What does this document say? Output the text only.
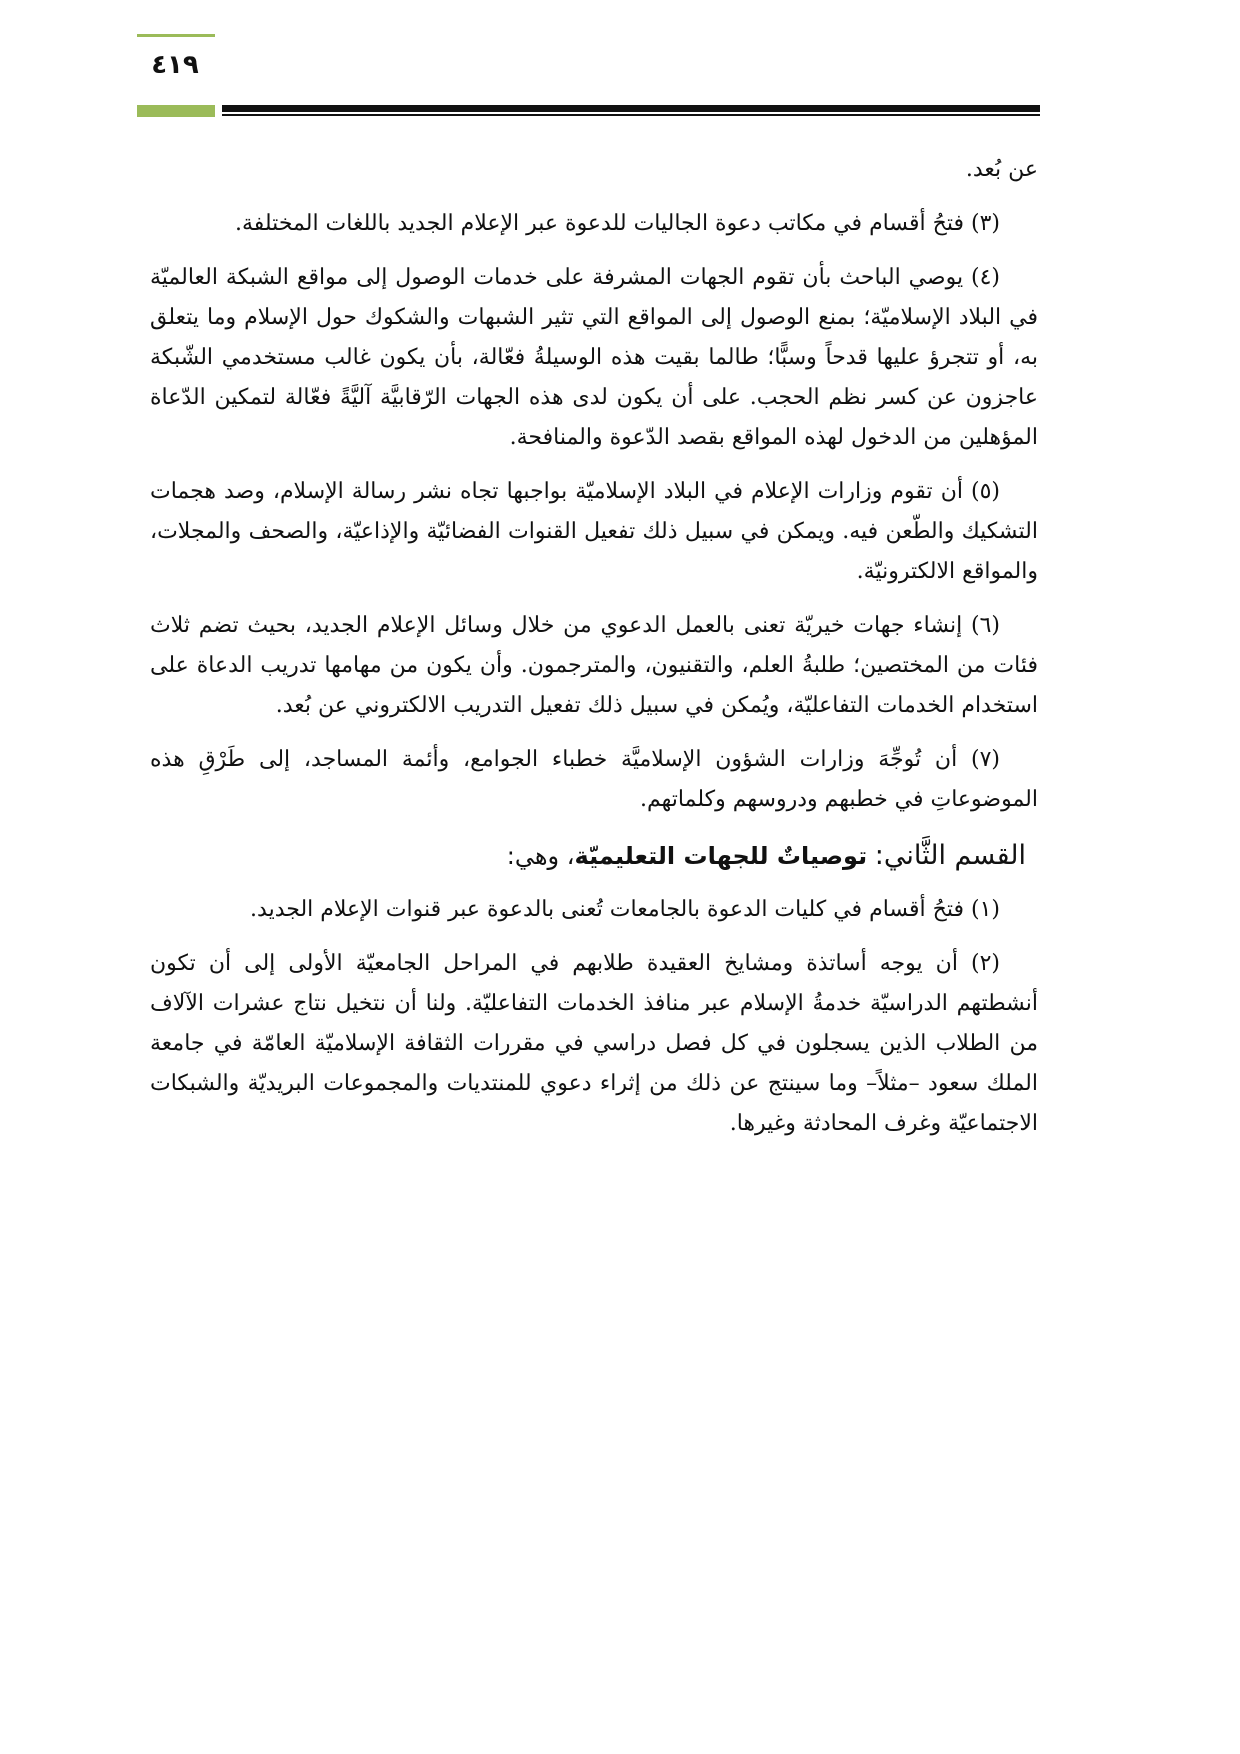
٤١٩

عن بُعد.

(٣) فتحُ أقسام في مكاتب دعوة الجاليات للدعوة عبر الإعلام الجديد باللغات المختلفة.

(٤) يوصي الباحث بأن تقوم الجهات المشرفة على خدمات الوصول إلى مواقع الشبكة العالميّة في البلاد الإسلاميّة؛ بمنع الوصول إلى المواقع التي تثير الشبهات والشكوك حول الإسلام وما يتعلق به، أو تتجرؤ عليها قدحاً وسبًّا؛ طالما بقيت هذه الوسيلةُ فعّالة، بأن يكون غالب مستخدمي الشّبكة عاجزون عن كسر نظم الحجب. على أن يكون لدى هذه الجهات الرّقابيَّة آليَّةً فعّالة لتمكين الدّعاة المؤهلين من الدخول لهذه المواقع بقصد الدّعوة والمنافحة.

(٥) أن تقوم وزارات الإعلام في البلاد الإسلاميّة بواجبها تجاه نشر رسالة الإسلام، وصد هجمات التشكيك والطّعن فيه. ويمكن في سبيل ذلك تفعيل القنوات الفضائيّة والإذاعيّة، والصحف والمجلات، والمواقع الالكترونيّة.

(٦) إنشاء جهات خيريّة تعنى بالعمل الدعوي من خلال وسائل الإعلام الجديد، بحيث تضم ثلاث فئات من المختصين؛ طلبةُ العلم، والتقنيون، والمترجمون. وأن يكون من مهامها تدريب الدعاة على استخدام الخدمات التفاعليّة، ويُمكن في سبيل ذلك تفعيل التدريب الالكتروني عن بُعد.

(٧) أن تُوجِّهَ وزارات الشؤون الإسلاميَّة خطباء الجوامع، وأئمة المساجد، إلى طَرْقِ هذه الموضوعاتِ في خطبهم ودروسهم وكلماتهم.

القسم الثَّاني: توصياتٌ للجهات التعليميّة، وهي:

(١) فتحُ أقسام في كليات الدعوة بالجامعات تُعنى بالدعوة عبر قنوات الإعلام الجديد.

(٢) أن يوجه أساتذة ومشايخ العقيدة طلابهم في المراحل الجامعيّة الأولى إلى أن تكون أنشطتهم الدراسيّة خدمةُ الإسلام عبر منافذ الخدمات التفاعليّة. ولنا أن نتخيل نتاج عشرات الآلاف من الطلاب الذين يسجلون في كل فصل دراسي في مقررات الثقافة الإسلاميّة العامّة في جامعة الملك سعود –مثلاً– وما سينتج عن ذلك من إثراء دعوي للمنتديات والمجموعات البريديّة والشبكات الاجتماعيّة وغرف المحادثة وغيرها.
